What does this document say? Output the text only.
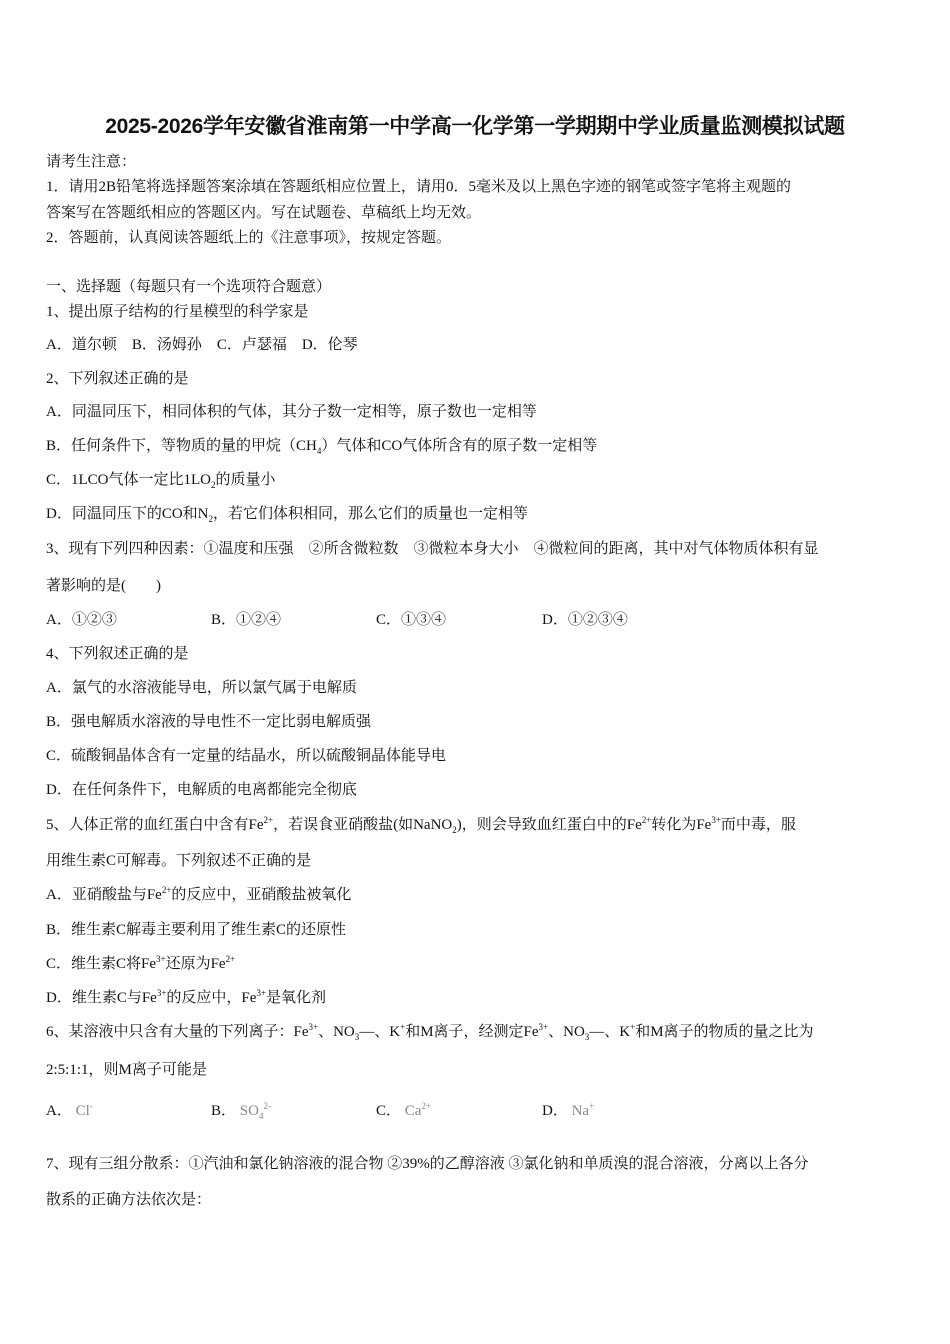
2025-2026学年安徽省淮南第一中学高一化学第一学期期中学业质量监测模拟试题
请考生注意：
1．请用2B铅笔将选择题答案涂填在答题纸相应位置上，请用0．5毫米及以上黑色字迹的钢笔或签字笔将主观题的
答案写在答题纸相应的答题区内。写在试题卷、草稿纸上均无效。
2．答题前，认真阅读答题纸上的《注意事项》，按规定答题。
一、选择题（每题只有一个选项符合题意）
1、提出原子结构的行星模型的科学家是
A．道尔顿　B．汤姆孙　C．卢瑟福　D．伦琴
2、下列叙述正确的是
A．同温同压下，相同体积的气体，其分子数一定相等，原子数也一定相等
B．任何条件下，等物质的量的甲烷$(CH_4)$气体和CO气体所含有的原子数一定相等
C．1LCO气体一定比$1LO_2$的质量小
D．同温同压下的CO和$N_2$，若它们体积相同，那么它们的质量也一定相等
3、现有下列四种因素：①温度和压强　②所含微粒数　③微粒本身大小　④微粒间的距离，其中对气体物质体积有显
著影响的是(　　)
A．①②③	B．①②④	C．①③④	D．①②③④
4、下列叙述正确的是
A．氯气的水溶液能导电，所以氯气属于电解质
B．强电解质水溶液的导电性不一定比弱电解质强
C．硫酸铜晶体含有一定量的结晶水，所以硫酸铜晶体能导电
D．在任何条件下，电解质的电离都能完全彻底
5、人体正常的血红蛋白中含有$Fe^{2+}$，若误食亚硝酸盐(如NaNO$_2$)，则会导致血红蛋白中的$Fe^{2+}$转化为$Fe^{3+}$而中毒，服
用维生素C可解毒。下列叙述不正确的是
A．亚硝酸盐与$Fe^{2+}$的反应中，亚硝酸盐被氧化
B．维生素C解毒主要利用了维生素C的还原性
C．维生素C将$Fe^{3+}$还原为$Fe^{2+}$
D．维生素C与$Fe^{3+}$的反应中，$Fe^{3+}$是氧化剂
6、某溶液中只含有大量的下列离子：$Fe^{3+}$、$NO_3—$、K+和M离子，经测定$Fe^{3+}$、$NO_3—$、K+和M离子的物质的量之比为
2:5:1:1，则M离子可能是
A． Cl-	B． $SO_4^{2-}$	C． $Ca^{2+}$	D． Na+
7、现有三组分散系：①汽油和氯化钠溶液的混合物 ②39%的乙醇溶液 ③氯化钠和单质溴的混合溶液，分离以上各分
散系的正确方法依次是：
